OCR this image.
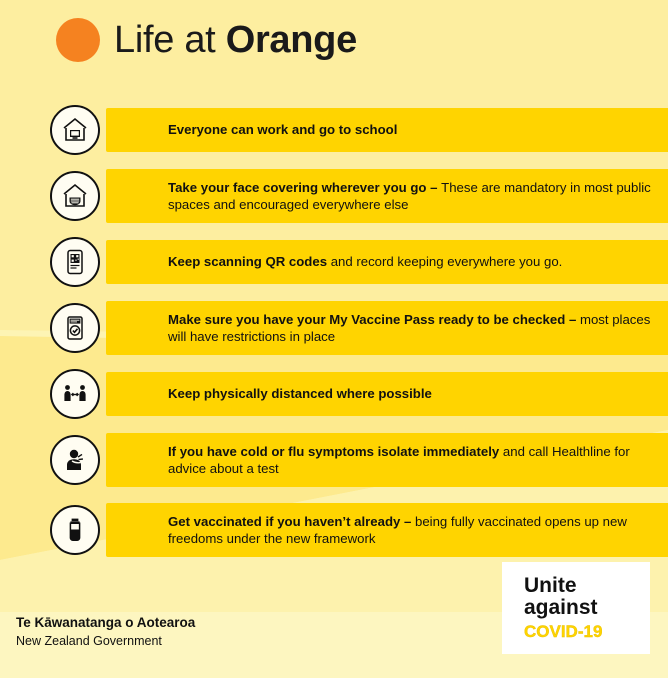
Life at Orange
Everyone can work and go to school
Take your face covering wherever you go – These are mandatory in most public spaces and encouraged everywhere else
Keep scanning QR codes and record keeping everywhere you go.
Make sure you have your My Vaccine Pass ready to be checked – most places will have restrictions in place
Keep physically distanced where possible
If you have cold or flu symptoms isolate immediately and call Healthline for advice about a test
Get vaccinated if you haven’t already – being fully vaccinated opens up new freedoms under the new framework
Te Kāwanatanga o Aotearoa
New Zealand Government
Unite
against
COVID-19
